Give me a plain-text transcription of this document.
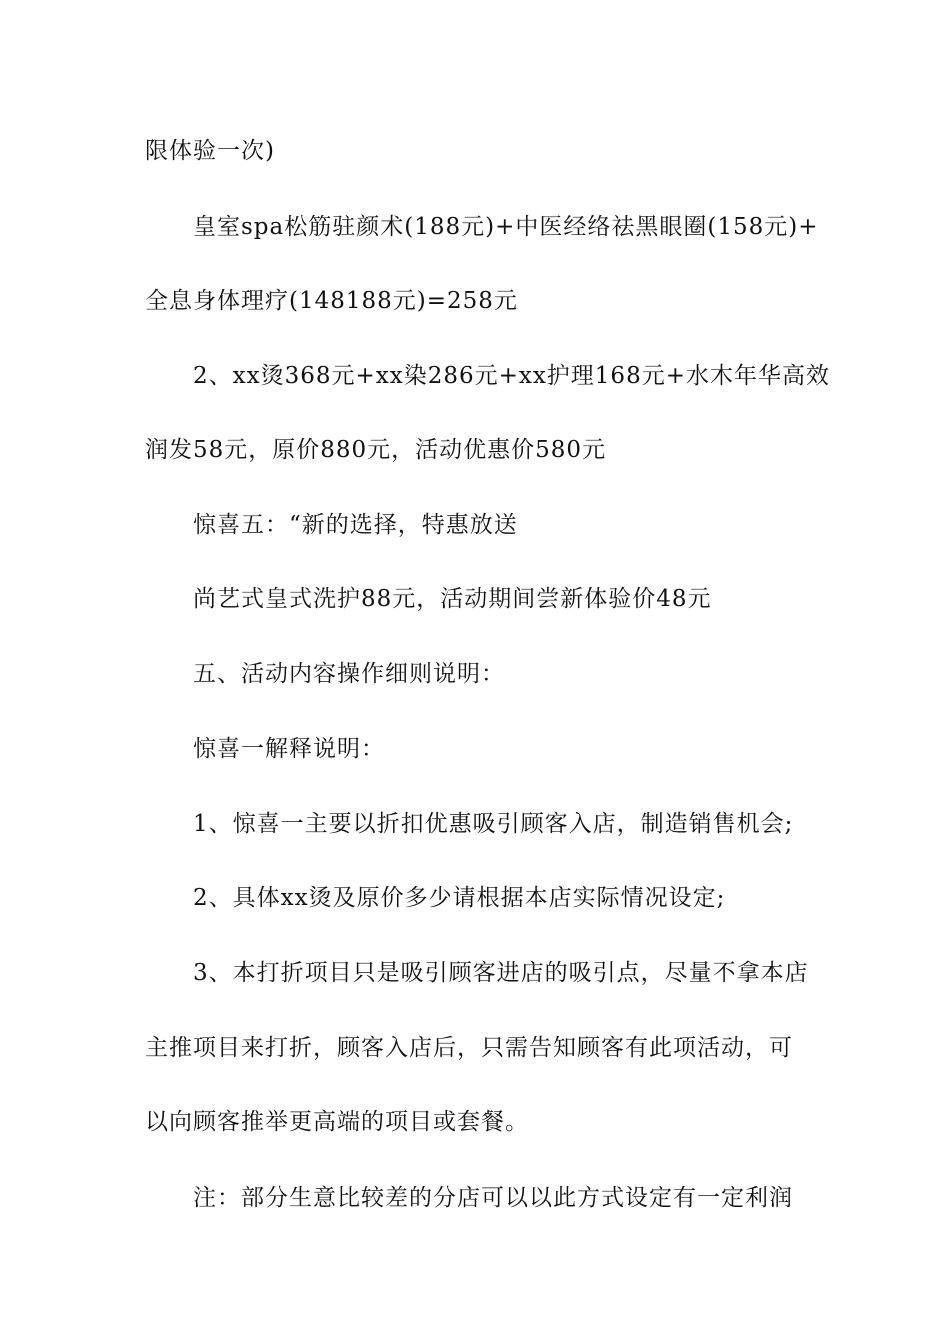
限体验一次)
皇室spa松筋驻颜术(188元)+中医经络祛黑眼圈(158元)+
全息身体理疗(148188元)=258元
2、xx烫368元+xx染286元+xx护理168元+水木年华高效
润发58元，原价880元，活动优惠价580元
惊喜五：“新的选择，特惠放送
尚艺式皇式洗护88元，活动期间尝新体验价48元
五、活动内容操作细则说明：
惊喜一解释说明：
1、惊喜一主要以折扣优惠吸引顾客入店，制造销售机会;
2、具体xx烫及原价多少请根据本店实际情况设定;
3、本打折项目只是吸引顾客进店的吸引点，尽量不拿本店
主推项目来打折，顾客入店后，只需告知顾客有此项活动，可
以向顾客推举更高端的项目或套餐。
注：部分生意比较差的分店可以以此方式设定有一定利润
